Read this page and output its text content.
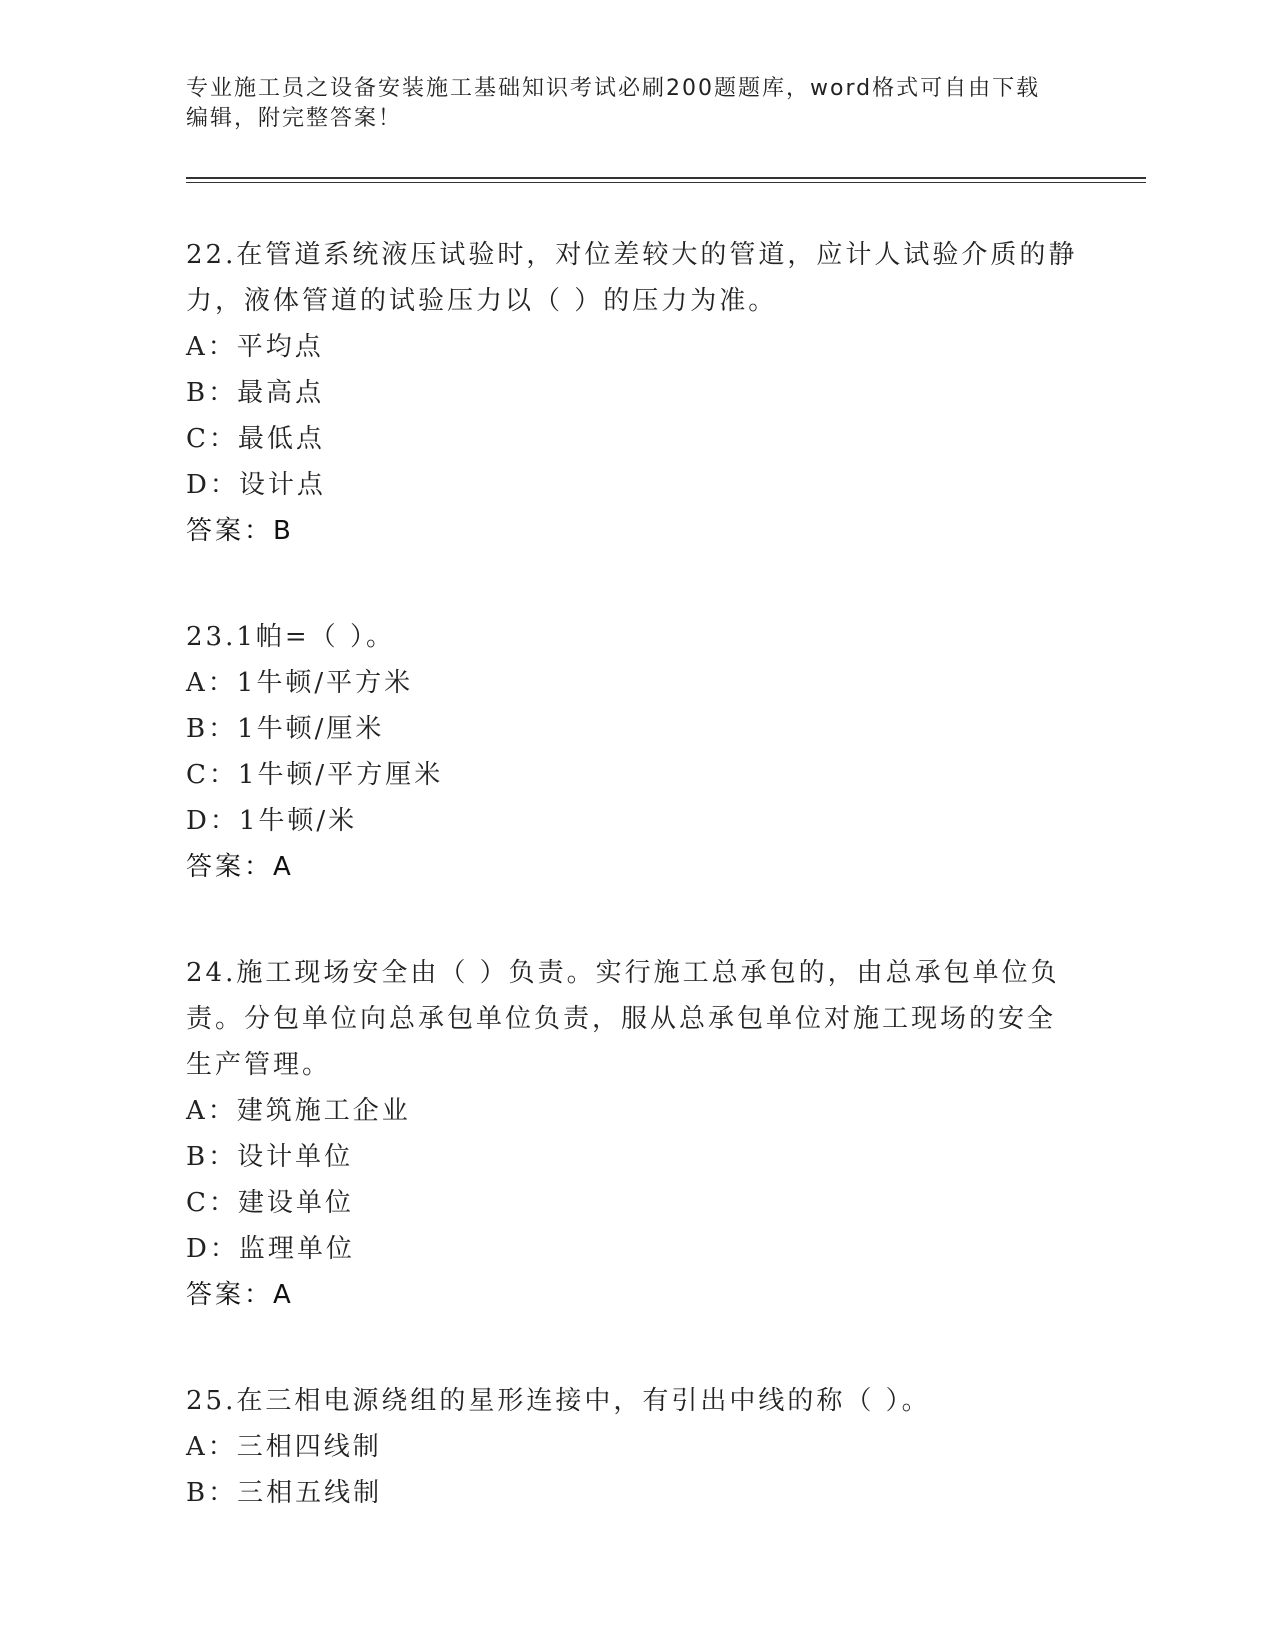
专业施工员之设备安装施工基础知识考试必刷200题题库，word格式可自由下载
编辑，附完整答案！
22.在管道系统液压试验时，对位差较大的管道，应计人试验介质的静
力，液体管道的试验压力以（ ）的压力为准。
A：平均点
B：最高点
C：最低点
D：设计点
答案：B
23.1帕=（ ）。
A：1牛顿/平方米
B：1牛顿/厘米
C：1牛顿/平方厘米
D：1牛顿/米
答案：A
24.施工现场安全由（ ）负责。实行施工总承包的，由总承包单位负
责。分包单位向总承包单位负责，服从总承包单位对施工现场的安全
生产管理。
A：建筑施工企业
B：设计单位
C：建设单位
D：监理单位
答案：A
25.在三相电源绕组的星形连接中，有引出中线的称（ ）。
A：三相四线制
B：三相五线制
